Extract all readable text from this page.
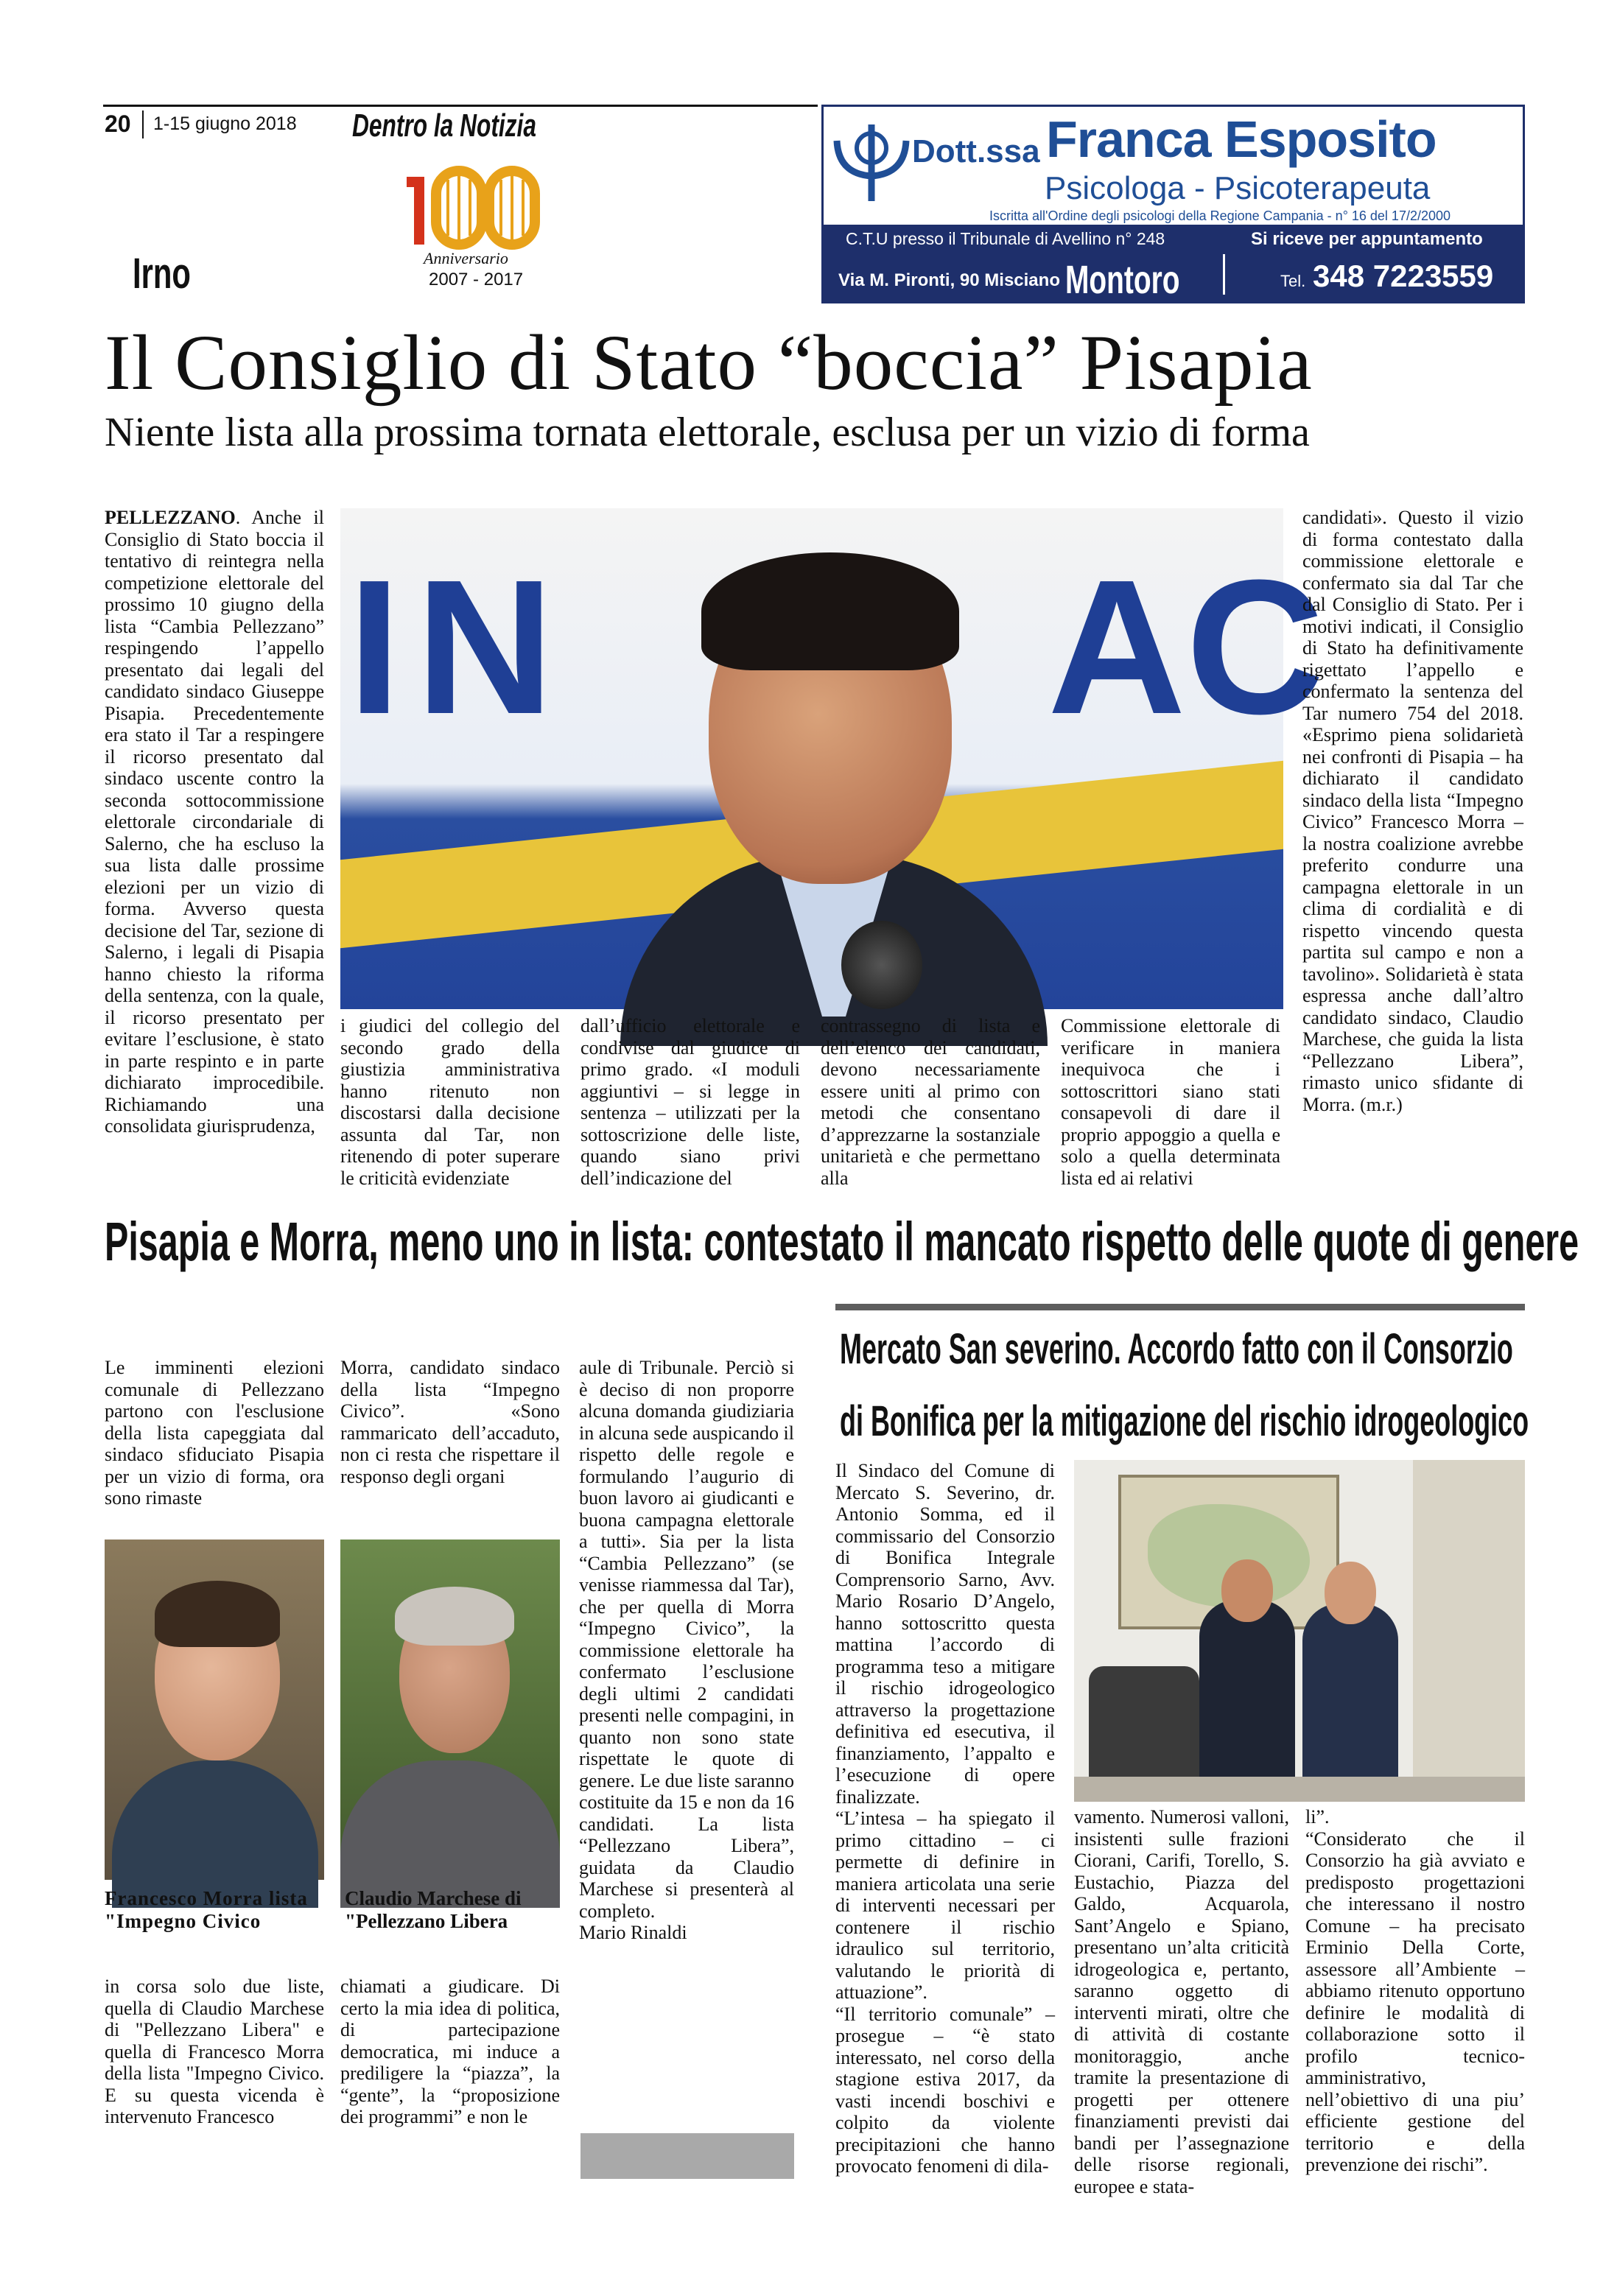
20 1-15 giugno 2018 Dentro la Notizia
Anniversario
2007 - 2017
Irno
Dott.ssa Franca Esposito
Psicologa - Psicoterapeuta
Iscritta all'Ordine degli psicologi della Regione Campania - n° 16 del 17/2/2000
C.T.U presso il Tribunale di Avellino n° 248	Si riceve per appuntamento
Via M. Pironti, 90 Misciano Montoro	Tel. 348 7223559
Il Consiglio di Stato “boccia” Pisapia
Niente lista alla prossima tornata elettorale, esclusa per un vizio di forma

PELLEZZANO. Anche il Consiglio di Stato boccia il tentativo di reintegra nella competizione elettorale del prossimo 10 giugno della lista “Cambia Pellezzano” respingendo l’appello presentato dai legali del candidato sindaco Giuseppe Pisapia. Precedentemente era stato il Tar a respingere il ricorso presentato dal sindaco uscente contro la seconda sottocommissione elettorale circondariale di Salerno, che ha escluso la sua lista dalle prossime elezioni per un vizio di forma. Avverso questa decisione del Tar, sezione di Salerno, i legali di Pisapia hanno chiesto la riforma della sentenza, con la quale, il ricorso presentato per evitare l’esclusione, è stato in parte respinto e in parte dichiarato improcedibile. Richiamando una consolidata giurisprudenza,

IN	AC
i giudici del collegio del secondo grado della giustizia amministrativa hanno ritenuto non discostarsi dalla decisione assunta dal Tar, non ritenendo di poter superare le criticità evidenziate
dall’ufficio elettorale e condivise dal giudice di primo grado. «I moduli aggiuntivi – si legge in sentenza – utilizzati per la sottoscrizione delle liste, quando siano privi dell’indicazione del
contrassegno di lista e dell’elenco dei candidati, devono necessariamente essere uniti al primo con metodi che consentano d’apprezzarne la sostanziale unitarietà e che permettano alla
Commissione elettorale di verificare in maniera inequivoca che i sottoscrittori siano stati consapevoli di dare il proprio appoggio a quella e solo a quella determinata lista ed ai relativi
candidati». Questo il vizio di forma contestato dalla commissione elettorale e confermato sia dal Tar che dal Consiglio di Stato. Per i motivi indicati, il Consiglio di Stato ha definitivamente rigettato l’appello e confermato la sentenza del Tar numero 754 del 2018. «Esprimo piena solidarietà nei confronti di Pisapia – ha dichiarato il candidato sindaco della lista “Impegno Civico” Francesco Morra – la nostra coalizione avrebbe preferito condurre una campagna elettorale in un clima di cordialità e di rispetto vincendo questa partita sul campo e non a tavolino». Solidarietà è stata espressa anche dall’altro candidato sindaco, Claudio Marchese, che guida la lista “Pellezzano Libera”, rimasto unico sfidante di Morra. (m.r.)
Pisapia e Morra, meno uno in lista: contestato il mancato rispetto delle quote di genere
Le imminenti elezioni comunale di Pellezzano partono con l'esclusione della lista capeggiata dal sindaco sfiduciato Pisapia per un vizio di forma, ora sono rimaste
Morra, candidato sindaco della lista “Impegno Civico”. «Sono rammaricato dell’accaduto, non ci resta che rispettare il responso degli organi
Francesco Morra lista "Impegno Civico
Claudio Marchese di "Pellezzano Libera
in corsa solo due liste, quella di Claudio Marchese di "Pellezzano Libera" e quella di Francesco Morra della lista "Impegno Civico. E su questa vicenda è intervenuto Francesco
chiamati a giudicare. Di certo la mia idea di politica, di partecipazione democratica, mi induce a prediligere la “piazza”, la “gente”, la “proposizione dei programmi” e non le

aule di Tribunale. Perciò si è deciso di non proporre alcuna domanda giudiziaria in alcuna sede auspicando il rispetto delle regole e formulando l’augurio di buon lavoro ai giudicanti e buona campagna elettorale a tutti». Sia per la lista “Cambia Pellezzano” (se venisse riammessa dal Tar), che per quella di Morra “Impegno Civico”, la commissione elettorale ha confermato l’esclusione degli ultimi 2 candidati presenti nelle compagini, in quanto non sono state rispettate le quote di genere. Le due liste saranno costituite da 15 e non da 16 candidati. La lista “Pellezzano Libera”, guidata da Claudio Marchese si presenterà al completo.

Mario Rinaldi

Mercato San severino. Accordo fatto con il Consorzio
di Bonifica per la mitigazione del rischio idrogeologico

Il Sindaco del Comune di Mercato S. Severino, dr. Antonio Somma, ed il commissario del Consorzio di Bonifica Integrale Comprensorio Sarno, Avv. Mario Rosario D’Angelo, hanno sottoscritto questa mattina l’accordo di programma teso a mitigare il rischio idrogeologico attraverso la progettazione definitiva ed esecutiva, il finanziamento, l’appalto e l’esecuzione di opere finalizzate.

“L’intesa – ha spiegato il primo cittadino – ci permette di definire in maniera articolata una serie di interventi necessari per contenere il rischio idraulico sul territorio, valutando le priorità di attuazione”.

“Il territorio comunale” – prosegue – “è stato interessato, nel corso della stagione estiva 2017, da vasti incendi boschivi e colpito da violente precipitazioni che hanno provocato fenomeni di dila-

vamento. Numerosi valloni, insistenti sulle frazioni Ciorani, Carifi, Torello, S. Eustachio, Piazza del Galdo, Acquarola, Sant’Angelo e Spiano, presentano un’alta criticità idrogeologica e, pertanto, saranno oggetto di interventi mirati, oltre che di attività di costante monitoraggio, anche tramite la presentazione di progetti per ottenere finanziamenti previsti dai bandi per l’assegnazione delle risorse regionali, europee e stata-

li”.

“Considerato che il Consorzio ha già avviato e predisposto progettazioni che interessano il nostro Comune – ha precisato Erminio Della Corte, assessore all’Ambiente – abbiamo ritenuto opportuno definire le modalità di collaborazione sotto il profilo tecnico-amministrativo, nell’obiettivo di una piu’ efficiente gestione del territorio e della prevenzione dei rischi”.
